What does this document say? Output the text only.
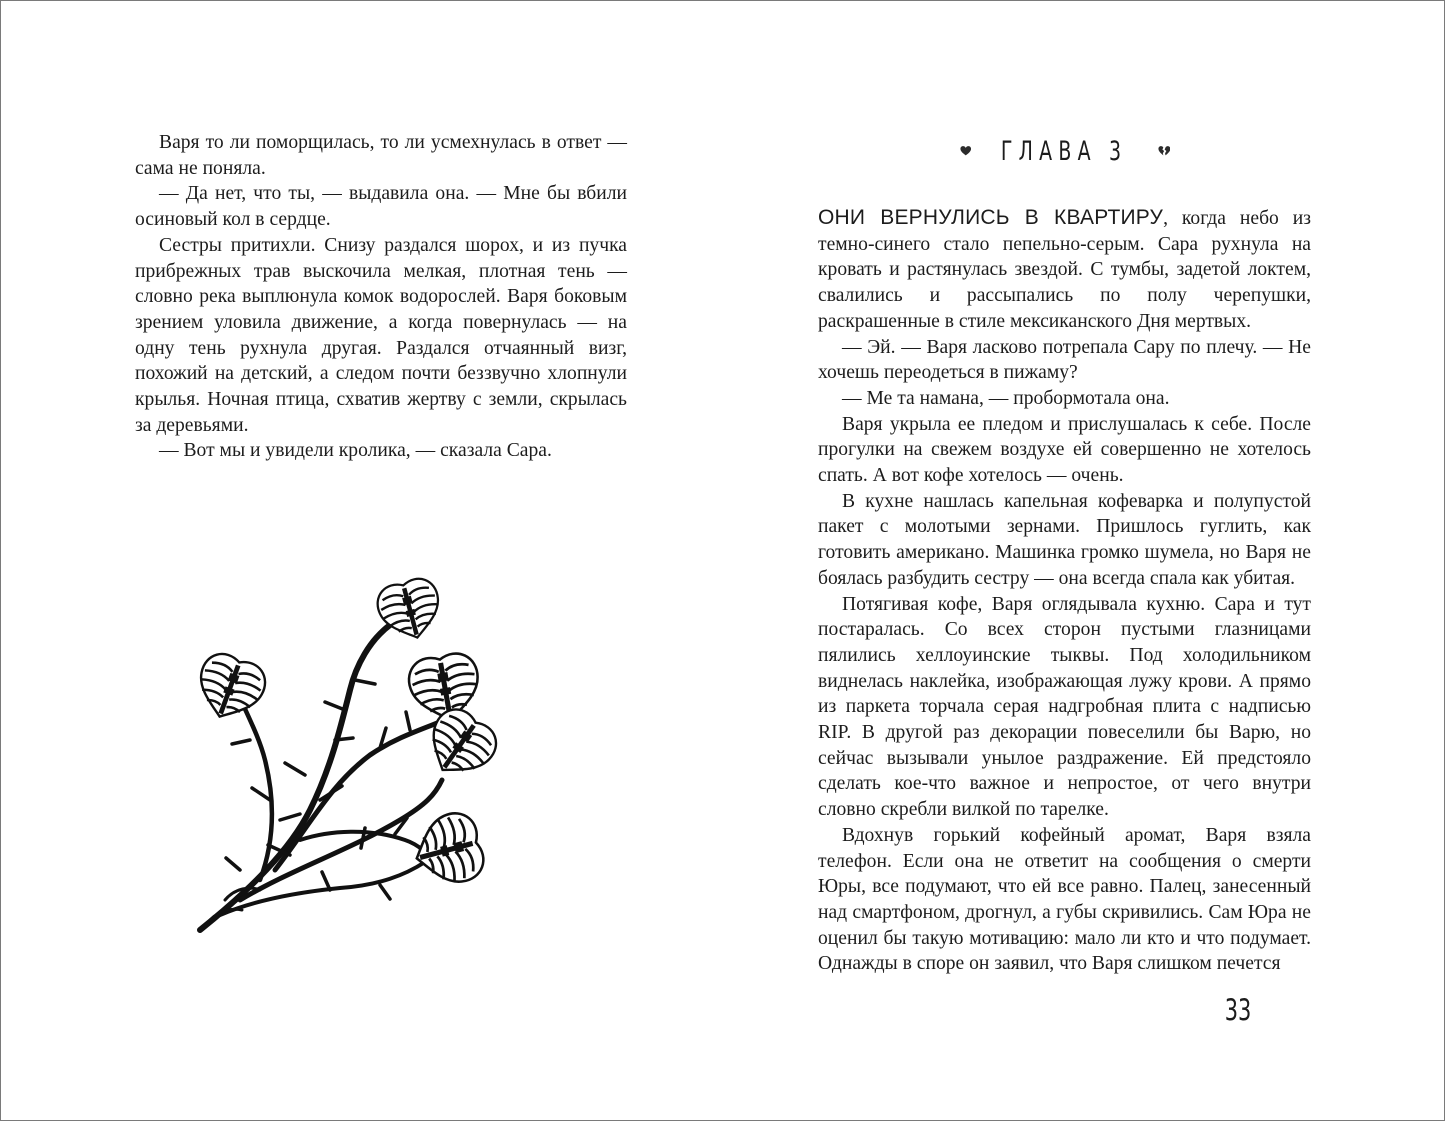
Варя то ли поморщилась, то ли усмехнулась в ответ — сама не поняла.

— Да нет, что ты, — выдавила она. — Мне бы вбили осиновый кол в сердце.

Сестры притихли. Снизу раздался шорох, и из пучка прибрежных трав выскочила мелкая, плотная тень — словно река выплюнула комок водорослей. Варя боковым зрением уловила движение, а когда повернулась — на одну тень рухнула другая. Раздался отчаянный визг, похожий на детский, а следом почти беззвучно хлопнули крылья. Ночная птица, схватив жертву с земли, скрылась за деревьями.

— Вот мы и увидели кролика, — сказала Сара.

ГЛАВА 3

ОНИ ВЕРНУЛИСЬ В КВАРТИРУ, когда небо из темно-синего стало пепельно-серым. Сара рухнула на кровать и растянулась звездой. С тумбы, задетой локтем, свалились и рассыпались по полу черепушки, раскрашенные в стиле мексиканского Дня мертвых.

— Эй. — Варя ласково потрепала Сару по плечу. — Не хочешь переодеться в пижаму?

— Ме та намана, — пробормотала она.

Варя укрыла ее пледом и прислушалась к себе. После прогулки на свежем воздухе ей совершенно не хотелось спать. А вот кофе хотелось — очень.

В кухне нашлась капельная кофеварка и полупустой пакет с молотыми зернами. Пришлось гуглить, как готовить американо. Машинка громко шумела, но Варя не боялась разбудить сестру — она всегда спала как убитая.

Потягивая кофе, Варя оглядывала кухню. Сара и тут постаралась. Со всех сторон пустыми глазницами пялились хеллоуинские тыквы. Под холодильником виднелась наклейка, изображающая лужу крови. А прямо из паркета торчала серая надгробная плита с надписью RIP. В другой раз декорации повеселили бы Варю, но сейчас вызывали унылое раздражение. Ей предстояло сделать кое-что важное и непростое, от чего внутри словно скребли вилкой по тарелке.

Вдохнув горький кофейный аромат, Варя взяла телефон. Если она не ответит на сообщения о смерти Юры, все подумают, что ей все равно. Палец, занесенный над смартфоном, дрогнул, а губы скривились. Сам Юра не оценил бы такую мотивацию: мало ли кто и что подумает. Однажды в споре он заявил, что Варя слишком печется

33
